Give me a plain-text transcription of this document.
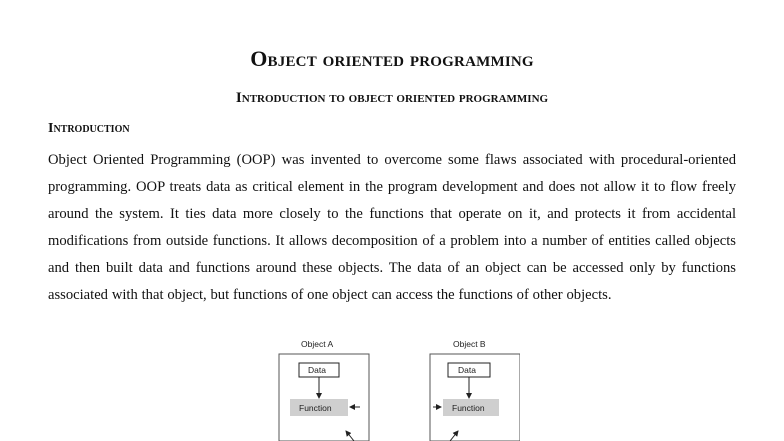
Object oriented programming
Introduction to object oriented programming
Introduction

Object Oriented Programming (OOP) was invented to overcome some flaws associated with procedural-oriented programming. OOP treats data as critical element in the program development and does not allow it to flow freely around the system. It ties data more closely to the functions that operate on it, and protects it from accidental modifications from outside functions. It allows decomposition of a problem into a number of entities called objects and then built data and functions around these objects. The data of an object can be accessed only by functions associated with that object, but functions of one object can access the functions of other objects.

Object A
Data
Function
Object B
Data
Function
